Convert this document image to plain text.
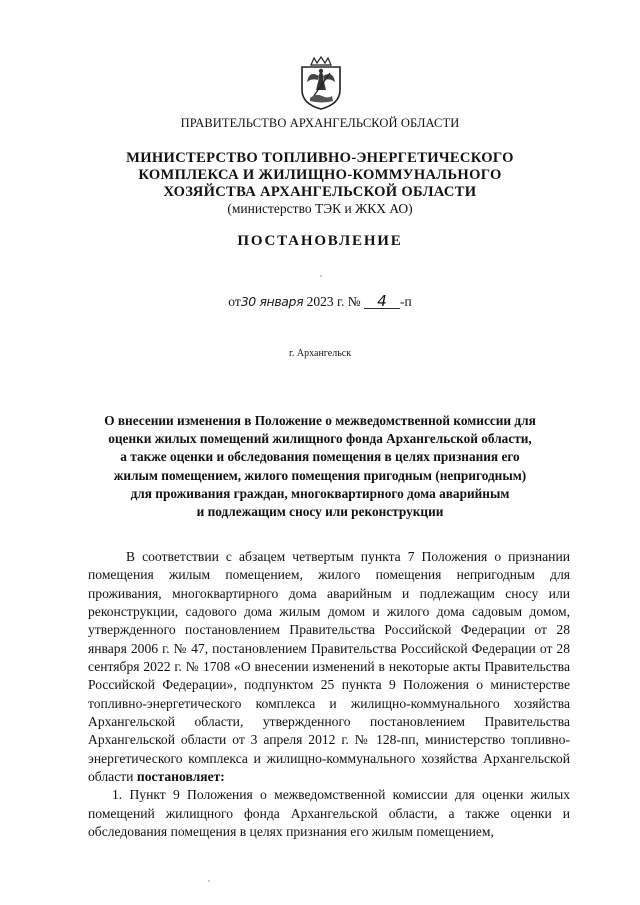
ПРАВИТЕЛЬСТВО АРХАНГЕЛЬСКОЙ ОБЛАСТИ
МИНИСТЕРСТВО ТОПЛИВНО-ЭНЕРГЕТИЧЕСКОГО
КОМПЛЕКСА И ЖИЛИЩНО-КОММУНАЛЬНОГО
ХОЗЯЙСТВА АРХАНГЕЛЬСКОЙ ОБЛАСТИ
(министерство ТЭК и ЖКХ АО)
ПОСТАНОВЛЕНИЕ
от30 января 2023 г. № 4 -п
г. Архангельск
О внесении изменения в Положение о межведомственной комиссии для
оценки жилых помещений жилищного фонда Архангельской области,
а также оценки и обследования помещения в целях признания его
жилым помещением, жилого помещения пригодным (непригодным)
для проживания граждан, многоквартирного дома аварийным
и подлежащим сносу или реконструкции

В соответствии с абзацем четвертым пункта 7 Положения о признании помещения жилым помещением, жилого помещения непригодным для проживания, многоквартирного дома аварийным и подлежащим сносу или реконструкции, садового дома жилым домом и жилого дома садовым домом, утвержденного постановлением Правительства Российской Федерации от 28 января 2006 г. № 47, постановлением Правительства Российской Федерации от 28 сентября 2022 г. № 1708 «О внесении изменений в некоторые акты Правительства Российской Федерации», подпунктом 25 пункта 9 Положения о министерстве топливно-энергетического комплекса и жилищно-коммунального хозяйства Архангельской области, утвержденного постановлением Правительства Архангельской области от 3 апреля 2012 г. № 128-пп, министерство топливно-энергетического комплекса и жилищно-коммунального хозяйства Архангельской области постановляет:

1. Пункт 9 Положения о межведомственной комиссии для оценки жилых помещений жилищного фонда Архангельской области, а также оценки и обследования помещения в целях признания его жилым помещением,
